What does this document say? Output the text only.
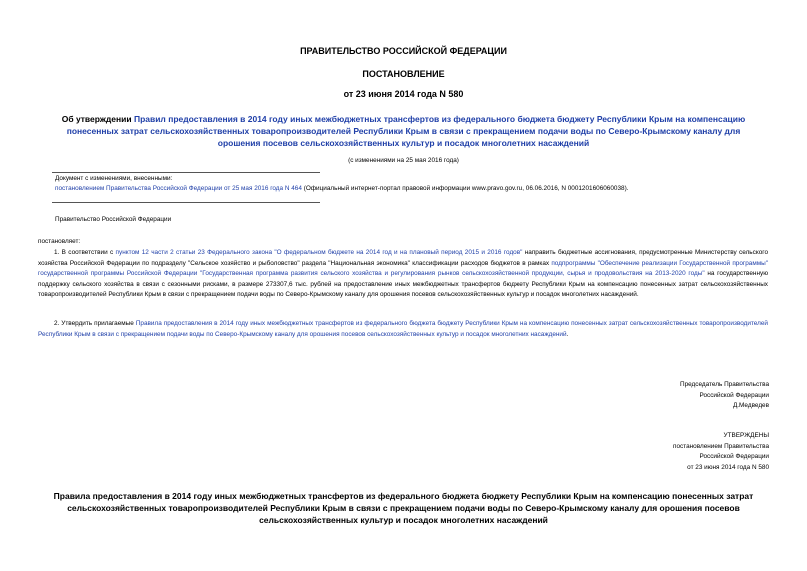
ПРАВИТЕЛЬСТВО РОССИЙСКОЙ ФЕДЕРАЦИИ
ПОСТАНОВЛЕНИЕ
от 23 июня 2014 года N 580
Об утверждении Правил предоставления в 2014 году иных межбюджетных трансфертов из федерального бюджета бюджету Республики Крым на компенсацию
понесенных затрат сельскохозяйственных товаропроизводителей Республики Крым в связи с прекращением подачи воды по Северо-Крымскому каналу для
орошения посевов сельскохозяйственных культур и посадок многолетних насаждений
(с изменениями на 25 мая 2016 года)
Документ с изменениями, внесенными:
постановлением Правительства Российской Федерации от 25 мая 2016 года N 464 (Официальный интернет-портал правовой информации www.pravo.gov.ru, 06.06.2016, N 0001201606060038).
Правительство Российской Федерации
постановляет:
1. В соответствии с пунктом 12 части 2 статьи 23 Федерального закона "О федеральном бюджете на 2014 год и на плановый период 2015 и 2016 годов" направить бюджетные ассигнования, предусмотренные Министерству сельского хозяйства Российской Федерации по подразделу "Сельское хозяйство и рыболовство" раздела "Национальная экономика" классификации расходов бюджетов в рамках подпрограммы "Обеспечение реализации Государственной программы" государственной программы Российской Федерации "Государственная программа развития сельского хозяйства и регулирования рынков сельскохозяйственной продукции, сырья и продовольствия на 2013-2020 годы" на государственную поддержку сельского хозяйства в связи с сезонными рисками, в размере 273307,6 тыс. рублей на предоставление иных межбюджетных трансфертов бюджету Республики Крым на компенсацию понесенных затрат сельскохозяйственных товаропроизводителей Республики Крым в связи с прекращением подачи воды по Северо-Крымскому каналу для орошения посевов сельскохозяйственных культур и посадок многолетних насаждений.
2. Утвердить прилагаемые Правила предоставления в 2014 году иных межбюджетных трансфертов из федерального бюджета бюджету Республики Крым на компенсацию понесенных затрат сельскохозяйственных товаропроизводителей Республики Крым в связи с прекращением подачи воды по Северо-Крымскому каналу для орошения посевов сельскохозяйственных культур и посадок многолетних насаждений.
Председатель Правительства
Российской Федерации
Д.Медведев
УТВЕРЖДЕНЫ
постановлением Правительства
Российской Федерации
от 23 июня 2014 года N 580
Правила предоставления в 2014 году иных межбюджетных трансфертов из федерального бюджета бюджету Республики Крым на компенсацию понесенных затрат
сельскохозяйственных товаропроизводителей Республики Крым в связи с прекращением подачи воды по Северо-Крымскому каналу для орошения посевов
сельскохозяйственных культур и посадок многолетних насаждений
